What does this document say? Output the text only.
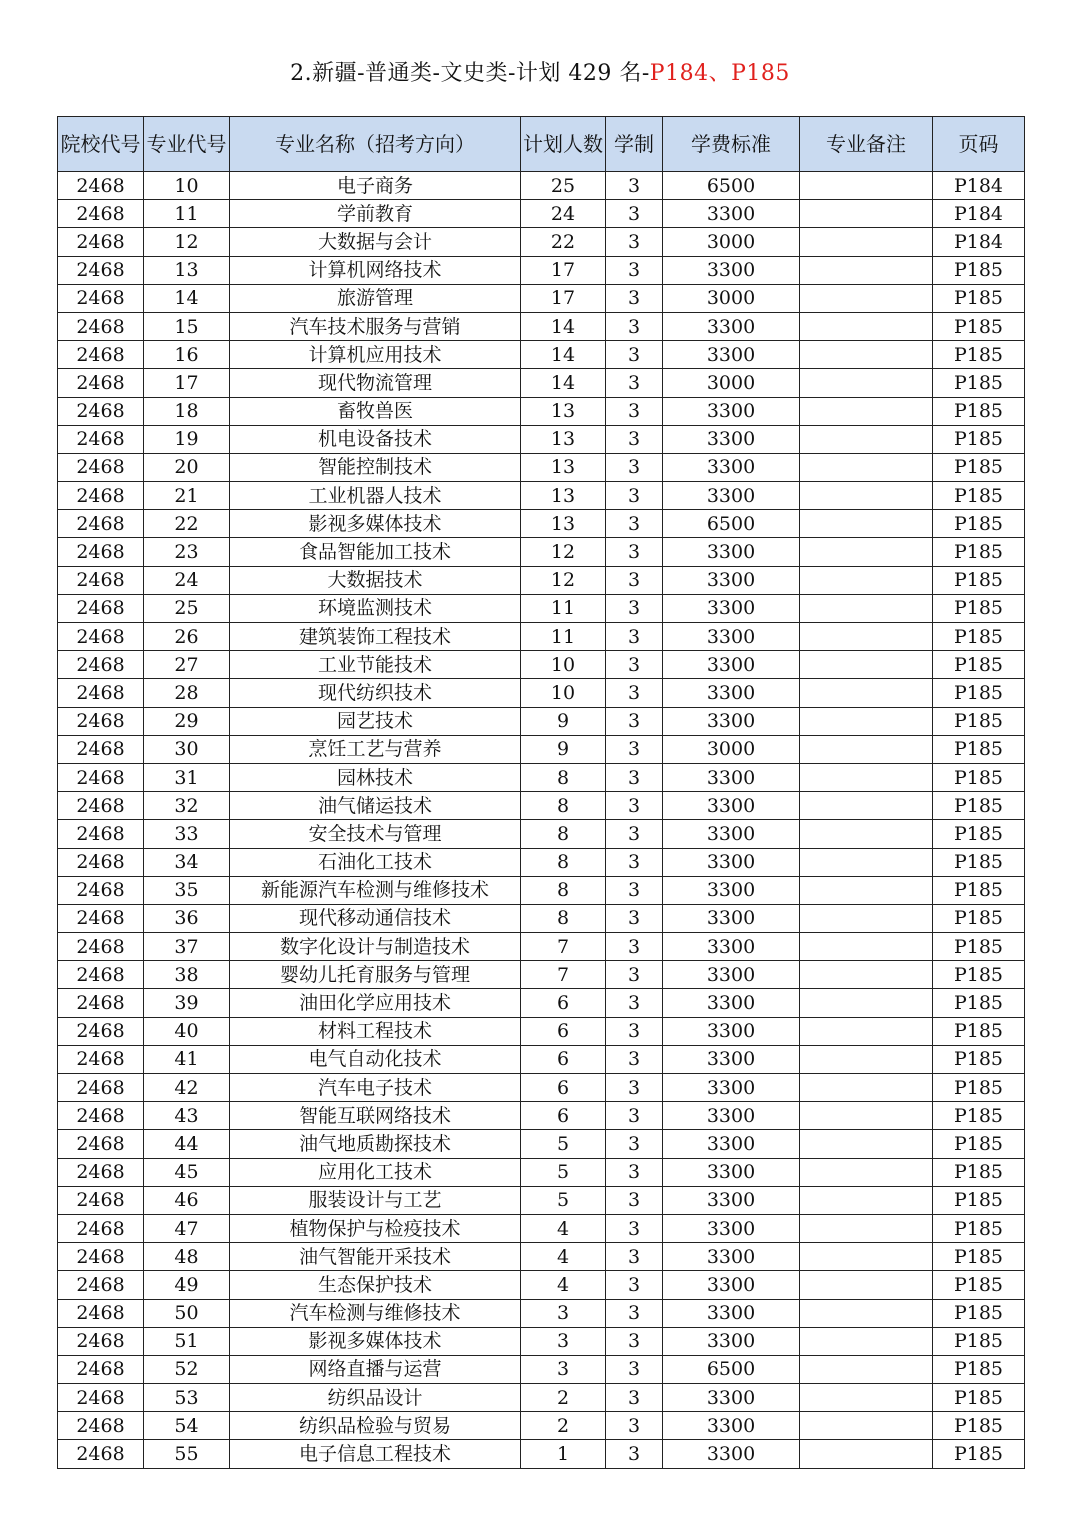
2.新疆-普通类-文史类-计划 429 名-P184、P185
院校代号	专业代号	专业名称（招考方向）	计划人数	学制	学费标准	专业备注	页码
2468	10	电子商务	25	3	6500		P184
2468	11	学前教育	24	3	3300		P184
2468	12	大数据与会计	22	3	3000		P184
2468	13	计算机网络技术	17	3	3300		P185
2468	14	旅游管理	17	3	3000		P185
2468	15	汽车技术服务与营销	14	3	3300		P185
2468	16	计算机应用技术	14	3	3300		P185
2468	17	现代物流管理	14	3	3000		P185
2468	18	畜牧兽医	13	3	3300		P185
2468	19	机电设备技术	13	3	3300		P185
2468	20	智能控制技术	13	3	3300		P185
2468	21	工业机器人技术	13	3	3300		P185
2468	22	影视多媒体技术	13	3	6500		P185
2468	23	食品智能加工技术	12	3	3300		P185
2468	24	大数据技术	12	3	3300		P185
2468	25	环境监测技术	11	3	3300		P185
2468	26	建筑装饰工程技术	11	3	3300		P185
2468	27	工业节能技术	10	3	3300		P185
2468	28	现代纺织技术	10	3	3300		P185
2468	29	园艺技术	9	3	3300		P185
2468	30	烹饪工艺与营养	9	3	3000		P185
2468	31	园林技术	8	3	3300		P185
2468	32	油气储运技术	8	3	3300		P185
2468	33	安全技术与管理	8	3	3300		P185
2468	34	石油化工技术	8	3	3300		P185
2468	35	新能源汽车检测与维修技术	8	3	3300		P185
2468	36	现代移动通信技术	8	3	3300		P185
2468	37	数字化设计与制造技术	7	3	3300		P185
2468	38	婴幼儿托育服务与管理	7	3	3300		P185
2468	39	油田化学应用技术	6	3	3300		P185
2468	40	材料工程技术	6	3	3300		P185
2468	41	电气自动化技术	6	3	3300		P185
2468	42	汽车电子技术	6	3	3300		P185
2468	43	智能互联网络技术	6	3	3300		P185
2468	44	油气地质勘探技术	5	3	3300		P185
2468	45	应用化工技术	5	3	3300		P185
2468	46	服装设计与工艺	5	3	3300		P185
2468	47	植物保护与检疫技术	4	3	3300		P185
2468	48	油气智能开采技术	4	3	3300		P185
2468	49	生态保护技术	4	3	3300		P185
2468	50	汽车检测与维修技术	3	3	3300		P185
2468	51	影视多媒体技术	3	3	3300		P185
2468	52	网络直播与运营	3	3	6500		P185
2468	53	纺织品设计	2	3	3300		P185
2468	54	纺织品检验与贸易	2	3	3300		P185
2468	55	电子信息工程技术	1	3	3300		P185
